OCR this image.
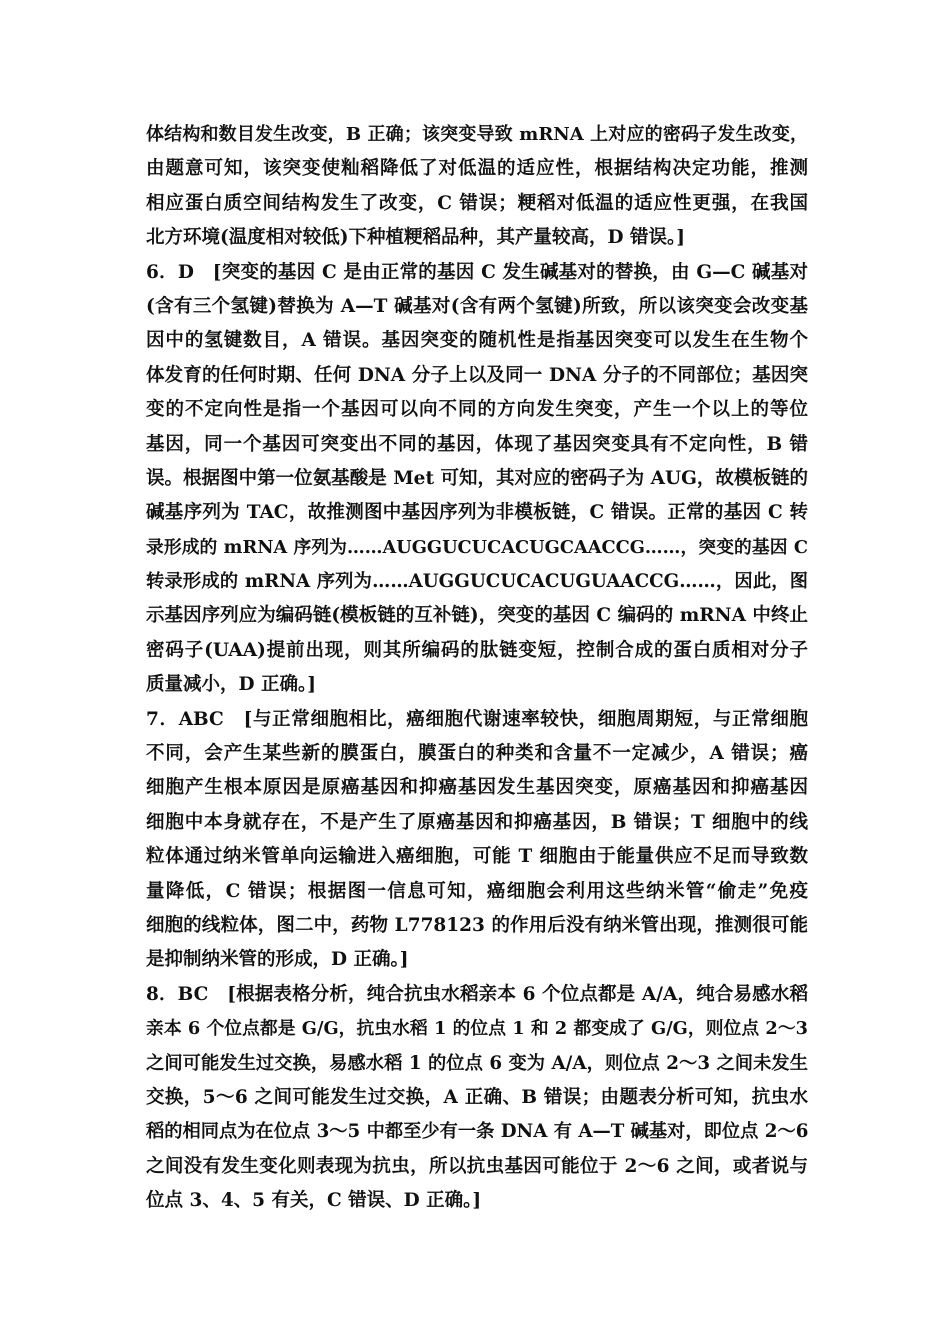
体结构和数目发生改变，B 正确；该突变导致 mRNA 上对应的密码子发生改变，
由题意可知，该突变使籼稻降低了对低温的适应性，根据结构决定功能，推测
相应蛋白质空间结构发生了改变，C 错误；粳稻对低温的适应性更强，在我国
北方环境(温度相对较低)下种植粳稻品种，其产量较高，D 错误。]
6．D　[突变的基因 C 是由正常的基因 C 发生碱基对的替换，由 G—C 碱基对
(含有三个氢键)替换为 A—T 碱基对(含有两个氢键)所致，所以该突变会改变基
因中的氢键数目，A 错误。基因突变的随机性是指基因突变可以发生在生物个
体发育的任何时期、任何 DNA 分子上以及同一 DNA 分子的不同部位；基因突
变的不定向性是指一个基因可以向不同的方向发生突变，产生一个以上的等位
基因，同一个基因可突变出不同的基因，体现了基因突变具有不定向性，B 错
误。根据图中第一位氨基酸是 Met 可知，其对应的密码子为 AUG，故模板链的
碱基序列为 TAC，故推测图中基因序列为非模板链，C 错误。正常的基因 C 转
录形成的 mRNA 序列为……AUGGUCUCACUGCAACCG……，突变的基因 C
转录形成的 mRNA 序列为……AUGGUCUCACUGUAACCG……，因此，图
示基因序列应为编码链(模板链的互补链)，突变的基因 C 编码的 mRNA 中终止
密码子(UAA)提前出现，则其所编码的肽链变短，控制合成的蛋白质相对分子
质量减小，D 正确。]
7．ABC　[与正常细胞相比，癌细胞代谢速率较快，细胞周期短，与正常细胞
不同，会产生某些新的膜蛋白，膜蛋白的种类和含量不一定减少，A 错误；癌
细胞产生根本原因是原癌基因和抑癌基因发生基因突变，原癌基因和抑癌基因
细胞中本身就存在，不是产生了原癌基因和抑癌基因，B 错误；T 细胞中的线
粒体通过纳米管单向运输进入癌细胞，可能 T 细胞由于能量供应不足而导致数
量降低，C 错误；根据图一信息可知，癌细胞会利用这些纳米管“偷走”免疫
细胞的线粒体，图二中，药物 L778123 的作用后没有纳米管出现，推测很可能
是抑制纳米管的形成，D 正确。]
8．BC　[根据表格分析，纯合抗虫水稻亲本 6 个位点都是 A/A，纯合易感水稻
亲本 6 个位点都是 G/G，抗虫水稻 1 的位点 1 和 2 都变成了 G/G，则位点 2～3
之间可能发生过交换，易感水稻 1 的位点 6 变为 A/A，则位点 2～3 之间未发生
交换，5～6 之间可能发生过交换，A 正确、B 错误；由题表分析可知，抗虫水
稻的相同点为在位点 3～5 中都至少有一条 DNA 有 A—T 碱基对，即位点 2～6
之间没有发生变化则表现为抗虫，所以抗虫基因可能位于 2～6 之间，或者说与
位点 3、4、5 有关，C 错误、D 正确。]
